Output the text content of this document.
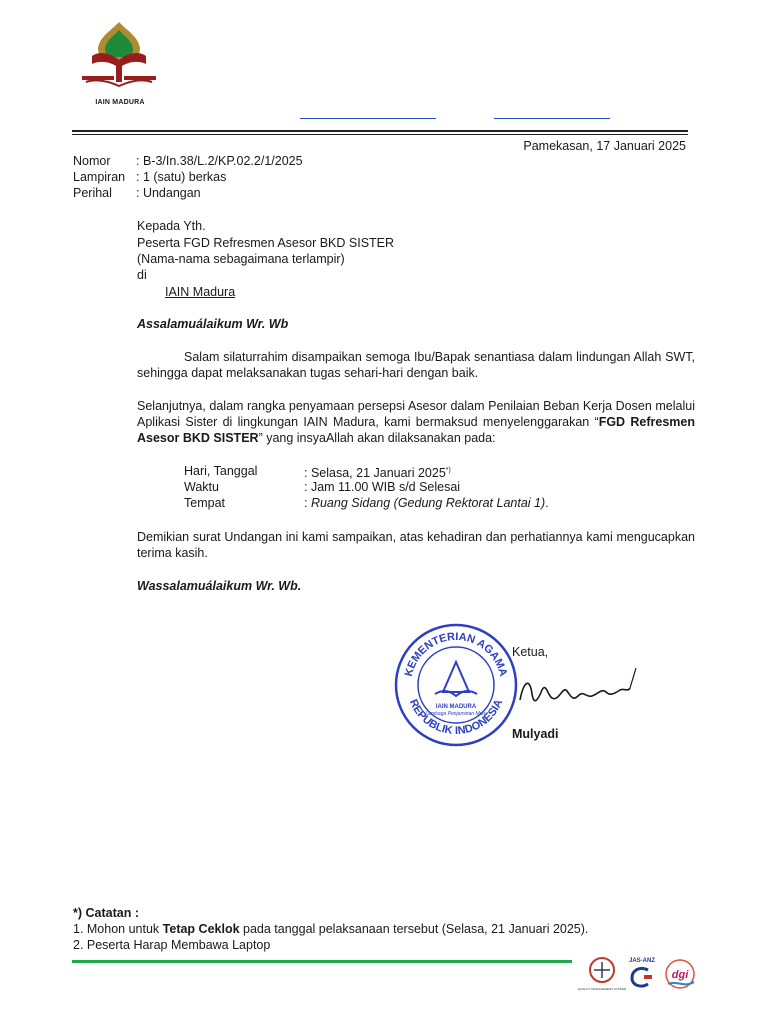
IAIN MADURA
Pamekasan, 17 Januari 2025
Nomor	: B-3/In.38/L.2/KP.02.2/1/2025
Lampiran : 1 (satu) berkas
Perihal	: Undangan
Kepada Yth.
Peserta FGD Refresmen Asesor BKD SISTER
(Nama-nama sebagaimana terlampir)
di
IAIN Madura
Assalamuálaikum Wr. Wb
Salam silaturrahim disampaikan semoga Ibu/Bapak senantiasa dalam lindungan Allah SWT, sehingga dapat melaksanakan tugas sehari-hari dengan baik.
Selanjutnya, dalam rangka penyamaan persepsi Asesor dalam Penilaian Beban Kerja Dosen melalui Aplikasi Sister di lingkungan IAIN Madura, kami bermaksud menyelenggarakan “FGD Refresmen Asesor BKD SISTER” yang insyaAllah akan dilaksanakan pada:
Hari, Tanggal	: Selasa, 21 Januari 2025*)
Waktu	: Jam 11.00 WIB s/d Selesai
Tempat	: Ruang Sidang (Gedung Rektorat Lantai 1).
Demikian surat Undangan ini kami sampaikan, atas kehadiran dan perhatiannya kami mengucapkan terima kasih.
Wassalamuálaikum Wr. Wb.
KEMENTERIAN AGAMA
REPUBLIK INDONESIA
IAIN MADURA
Lembaga Penjaminan Mutu
Ketua,
Mulyadi
*) Catatan :
1. Mohon untuk Tetap Ceklok pada tanggal pelaksanaan tersebut (Selasa, 21 Januari 2025).
2. Peserta Harap Membawa Laptop
QUALITY MANAGEMENT SYSTEM
JAS-ANZ
dgi
